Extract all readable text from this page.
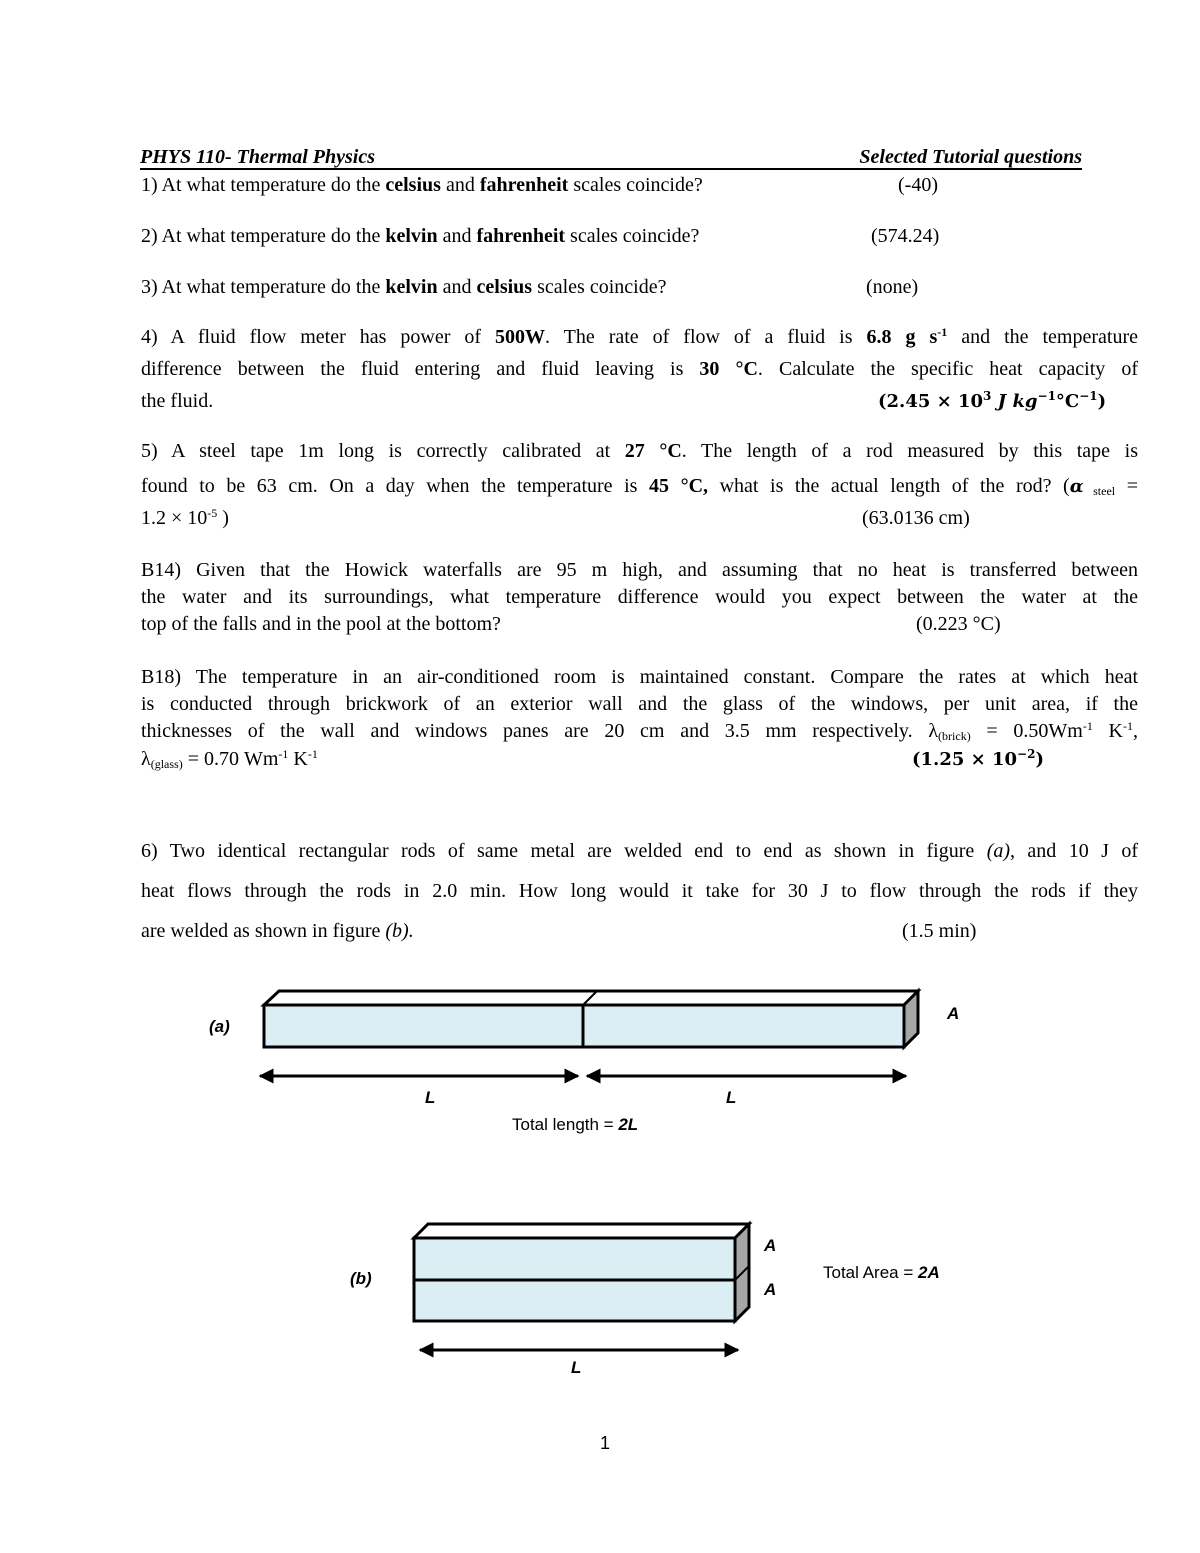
PHYS 110- Thermal Physics	Selected Tutorial questions
1) At what temperature do the celsius and fahrenheit scales coincide?	(-40)
2) At what temperature do the kelvin and fahrenheit scales coincide?	(574.24)
3) At what temperature do the kelvin and celsius scales coincide?	(none)
4) A fluid flow meter has power of 500W. The rate of flow of a fluid is 6.8 g $s^{-1}$ and the temperature
difference between the fluid entering and fluid leaving is 30 °C. Calculate the specific heat capacity of
the fluid.	($2.45 \times 10^3$ J $kg^{-1}^\circ C^{-1}$)
5) A steel tape 1m long is correctly calibrated at 27 °C. The length of a rod measured by this tape is
found to be 63 cm. On a day when the temperature is 45 °C, what is the actual length of the rod? (α $_{steel}$ =
$1.2 \times 10^{-5}$ )	(63.0136 cm)
B14) Given that the Howick waterfalls are 95 m high, and assuming that no heat is transferred between
the water and its surroundings, what temperature difference would you expect between the water at the
top of the falls and in the pool at the bottom?	(0.223 °C)
B18) The temperature in an air-conditioned room is maintained constant. Compare the rates at which heat
is conducted through brickwork of an exterior wall and the glass of the windows, per unit area, if the
thicknesses of the wall and windows panes are 20 cm and 3.5 mm respectively. $\lambda_{(brick)} = 0.50Wm^{-1}$ $K^{-1}$,
$\lambda_{(glass)} = 0.70$ $Wm^{-1}$ $K^{-1}$	$(1.25 \times 10^{-2})$
6) Two identical rectangular rods of same metal are welded end to end as shown in figure (a), and 10 J of
heat flows through the rods in 2.0 min. How long would it take for 30 J to flow through the rods if they
are welded as shown in figure (b).	(1.5 min)
(a)
A
L	L
(b)
A
A
L
Total length = 2L
Total Area = 2A
1
